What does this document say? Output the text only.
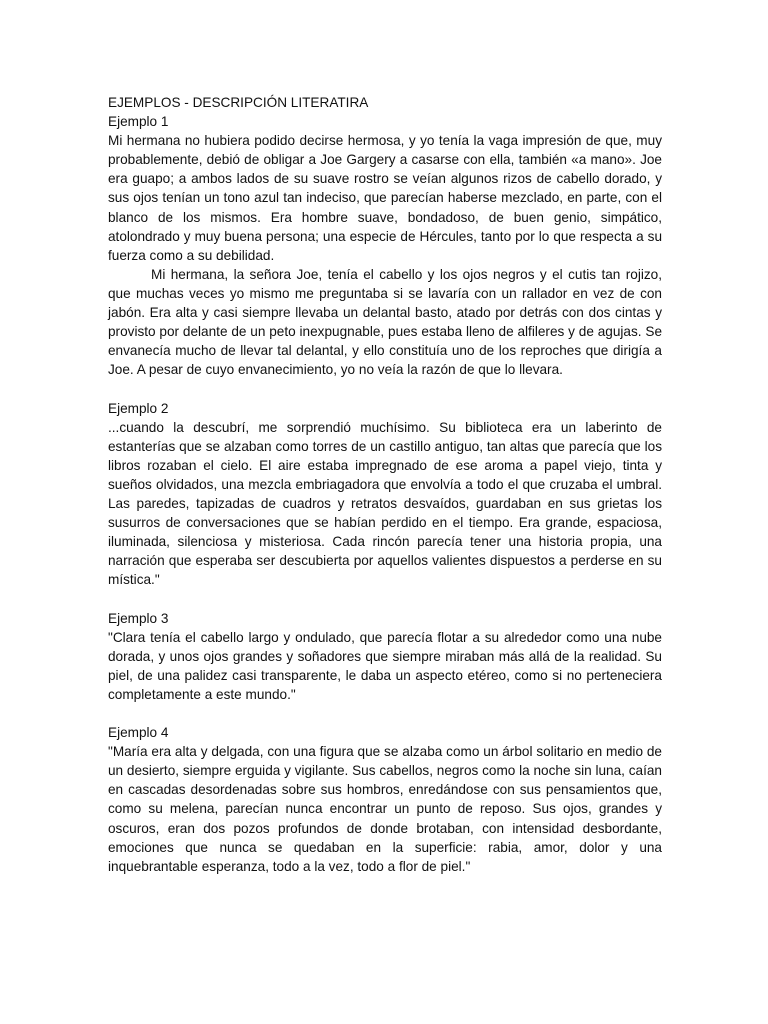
EJEMPLOS - DESCRIPCIÓN LITERATIRA

Ejemplo 1

Mi hermana no hubiera podido decirse hermosa, y yo tenía la vaga impresión de que, muy probablemente, debió de obligar a Joe Gargery a casarse con ella, también «a mano». Joe era guapo; a ambos lados de su suave rostro se veían algunos rizos de cabello dorado, y sus ojos tenían un tono azul tan indeciso, que parecían haberse mezclado, en parte, con el blanco de los mismos. Era hombre suave, bondadoso, de buen genio, simpático, atolondrado y muy buena persona; una especie de Hércules, tanto por lo que respecta a su fuerza como a su debilidad.

Mi hermana, la señora Joe, tenía el cabello y los ojos negros y el cutis tan rojizo, que muchas veces yo mismo me preguntaba si se lavaría con un rallador en vez de con jabón. Era alta y casi siempre llevaba un delantal basto, atado por detrás con dos cintas y provisto por delante de un peto inexpugnable, pues estaba lleno de alfileres y de agujas. Se envanecía mucho de llevar tal delantal, y ello constituía uno de los reproches que dirigía a Joe. A pesar de cuyo envanecimiento, yo no veía la razón de que lo llevara.

Ejemplo 2

...cuando la descubrí, me sorprendió muchísimo. Su biblioteca era un laberinto de estanterías que se alzaban como torres de un castillo antiguo, tan altas que parecía que los libros rozaban el cielo. El aire estaba impregnado de ese aroma a papel viejo, tinta y sueños olvidados, una mezcla embriagadora que envolvía a todo el que cruzaba el umbral. Las paredes, tapizadas de cuadros y retratos desvaídos, guardaban en sus grietas los susurros de conversaciones que se habían perdido en el tiempo. Era grande, espaciosa, iluminada, silenciosa y misteriosa. Cada rincón parecía tener una historia propia, una narración que esperaba ser descubierta por aquellos valientes dispuestos a perderse en su mística."

Ejemplo 3

"Clara tenía el cabello largo y ondulado, que parecía flotar a su alrededor como una nube dorada, y unos ojos grandes y soñadores que siempre miraban más allá de la realidad. Su piel, de una palidez casi transparente, le daba un aspecto etéreo, como si no perteneciera completamente a este mundo."

Ejemplo 4

"María era alta y delgada, con una figura que se alzaba como un árbol solitario en medio de un desierto, siempre erguida y vigilante. Sus cabellos, negros como la noche sin luna, caían en cascadas desordenadas sobre sus hombros, enredándose con sus pensamientos que, como su melena, parecían nunca encontrar un punto de reposo. Sus ojos, grandes y oscuros, eran dos pozos profundos de donde brotaban, con intensidad desbordante, emociones que nunca se quedaban en la superficie: rabia, amor, dolor y una inquebrantable esperanza, todo a la vez, todo a flor de piel."
